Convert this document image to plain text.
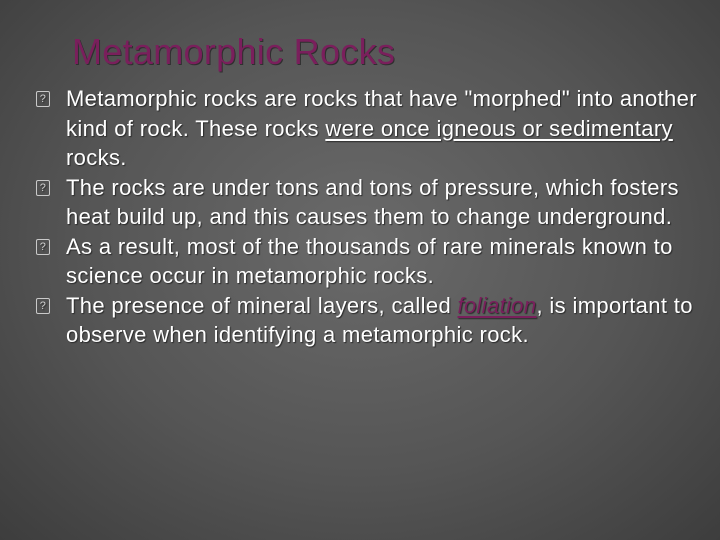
Metamorphic Rocks
? Metamorphic rocks are rocks that have "morphed" into another kind of rock. These rocks were once igneous or sedimentary rocks.
? The rocks are under tons and tons of pressure, which fosters heat build up, and this causes them to change underground.
? As a result, most of the thousands of rare minerals known to science occur in metamorphic rocks.
? The presence of mineral layers, called foliation, is important to observe when identifying a metamorphic rock.
